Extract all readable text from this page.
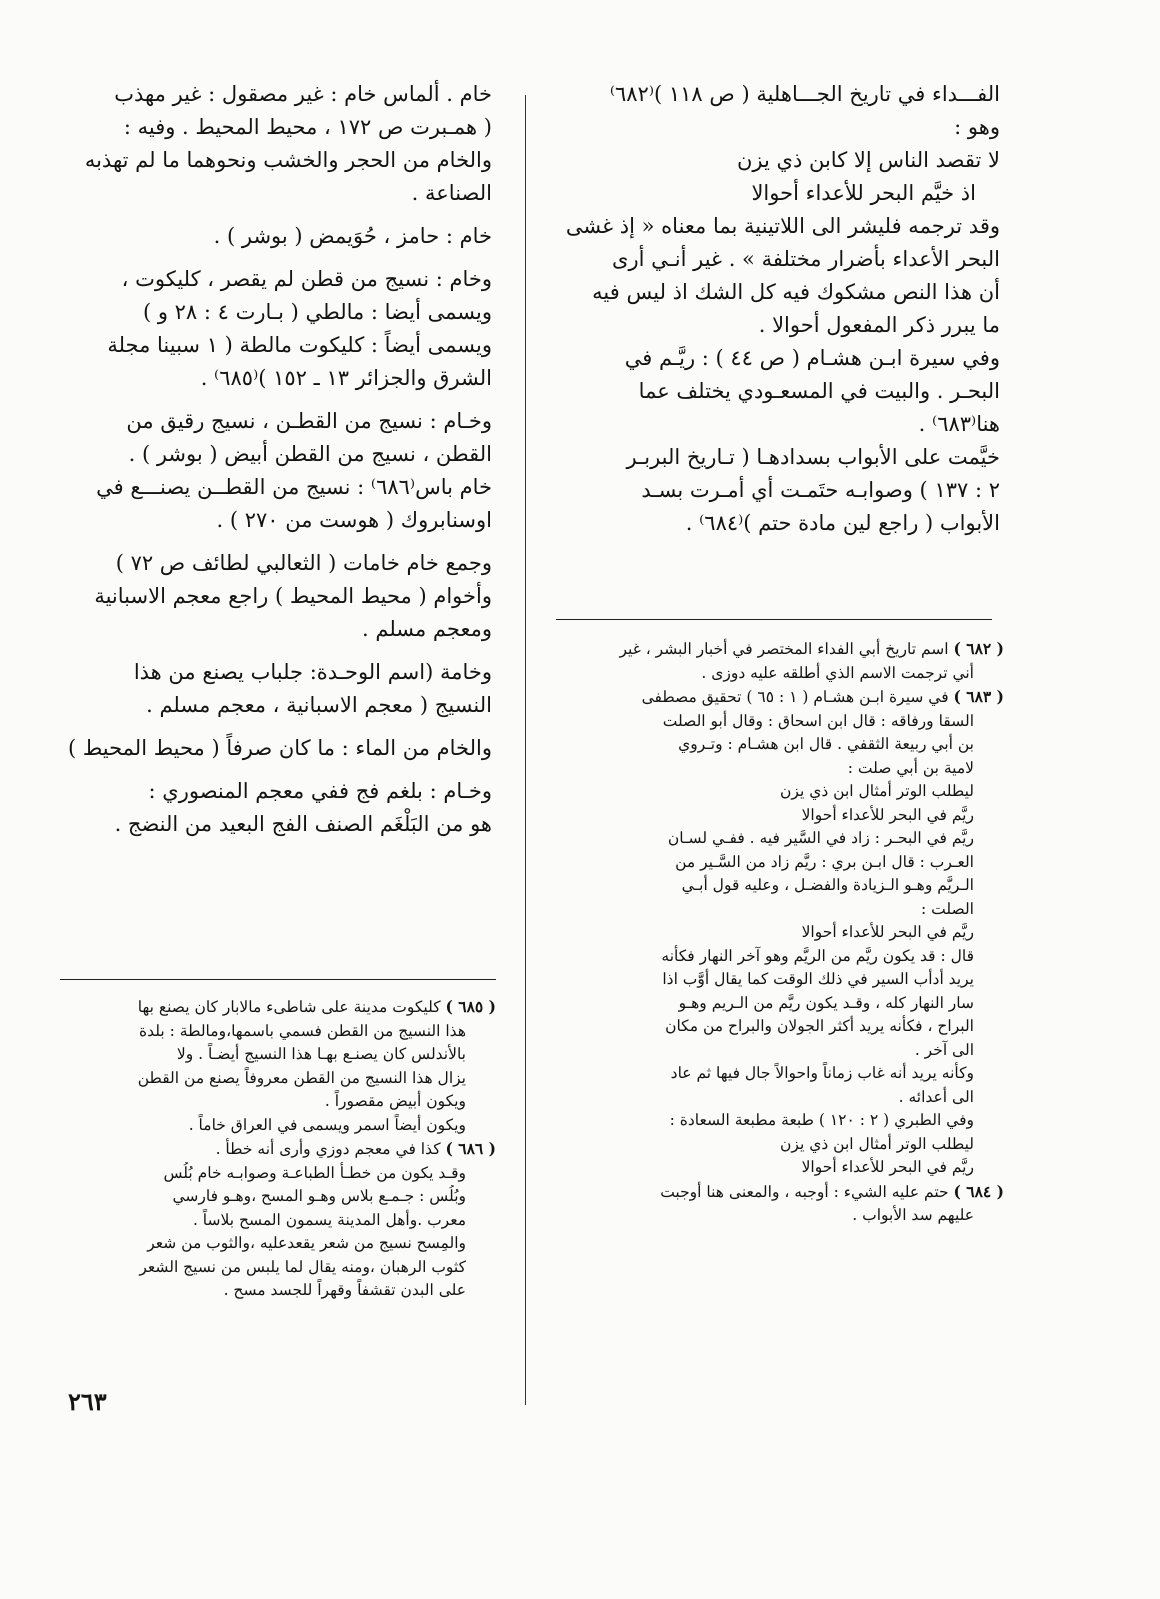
الفـــداء في تاريخ الجـــاهلية ( ص ١١٨ )⁽٦٨٢⁾
وهو :
لا تقصد الناس إلا كابن ذي يزن
اذ خيَّم البحر للأعداء أحوالا
وقد ترجمه فليشر الى اللاتينية بما معناه « إذ غشى
البحر الأعداء بأضرار مختلفة » . غير أنـي أرى
أن هذا النص مشكوك فيه كل الشك اذ ليس فيه
ما يبرر ذكر المفعول أحوالا .
وفي سيرة ابـن هشـام ( ص ٤٤ ) : ريَّـم في
البحـر . والبيت في المسعـودي يختلف عما
هنا⁽٦٨٣⁾ .
خيَّمت على الأبواب بسدادهـا ( تـاريخ البربـر
٢ : ١٣٧ ) وصوابـه حتَمـت أي أمـرت بسـد
الأبواب ( راجع لين مادة حتم )⁽٦٨٤⁾ .
خام . ألماس خام : غير مصقول : غير مهذب
( همـبرت ص ١٧٢ ، محيط المحيط . وفيه :
والخام من الحجر والخشب ونحوهما ما لم تهذبه
الصناعة .
خام : حامز ، حُوَيمض ( بوشر ) .
وخام : نسيج من قطن لم يقصر ، كليكوت ،
ويسمى أيضا : مالطي ( بـارت ٤ : ٢٨ و )
ويسمى أيضاً : كليكوت مالطة ( ١ سبينا مجلة
الشرق والجزائر ١٣ ـ ١٥٢ )⁽٦٨٥⁾ .
وخـام : نسيج من القطـن ، نسيج رقيق من
القطن ، نسيج من القطن أبيض ( بوشر ) .
خام باس⁽٦٨٦⁾ : نسيج من القطــن يصنـــع في
اوسنابروك ( هوست من ٢٧٠ ) .
وجمع خام خامات ( الثعالبي لطائف ص ٧٢ )
وأخوام ( محيط المحيط ) راجع معجم الاسبانية
ومعجم مسلم .
وخامة (اسم الوحـدة: جلباب يصنع من هذا
النسيج ( معجم الاسبانية ، معجم مسلم .
والخام من الماء : ما كان صرفاً ( محيط المحيط )
وخـام : بلغم فج ففي معجم المنصوري :
هو من البَلْغَم الصنف الفج البعيد من النضج .
( ٦٨٢ ) اسم تاريخ أبي الفداء المختصر في أخبار البشر ، غير
أني ترجمت الاسم الذي أطلقه عليه دوزى .
( ٦٨٣ ) في سيرة ابـن هشـام ( ١ : ٦٥ ) تحقيق مصطفى
السقا ورفاقه : قال ابن اسحاق : وقال أبو الصلت
بن أبي ربيعة الثقفي . قال ابن هشـام : وتـروي
لامية بن أبي صلت :
ليطلب الوتر أمثال ابن ذي يزن
ريَّم في البحر للأعداء أحوالا
ريَّم في البحـر : زاد في السَّير فيه . ففـي لسـان
العـرب : قال ابـن بري : ريَّم زاد من السَّـير من
الـريَّم وهـو الـزيادة والفضـل ، وعليه قول أبـي
الصلت :
ريَّم في البحر للأعداء أحوالا
قال : قد يكون ريَّم من الريَّم وهو آخر النهار فكأنه
يريد أدأب السير في ذلك الوقت كما يقال أوَّب اذا
سار النهار كله ، وقـد يكون ريَّم من الـريم وهـو
البراح ، فكأنه يريد أكثر الجولان والبراح من مكان
الى آخر .
وكأنه يريد أنه غاب زماناً واحوالاً جال فيها ثم عاد
الى أعدائه .
وفي الطبري ( ٢ : ١٢٠ ) طبعة مطبعة السعادة :
ليطلب الوتر أمثال ابن ذي يزن
ريَّم في البحر للأعداء أحوالا
( ٦٨٤ ) حتم عليه الشيء : أوجبه ، والمعنى هنا أوجبت
عليهم سد الأبواب .
( ٦٨٥ ) كليكوت مدينة على شاطىء مالابار كان يصنع بها
هذا النسيج من القطن فسمي باسمها،ومالطة : بلدة
بالأندلس كان يصنـع بهـا هذا النسيج أيضـاً . ولا
يزال هذا النسيج من القطن معروفاً يصنع من القطن
ويكون أبيض مقصوراً .
ويكون أيضاً اسمر ويسمى في العراق خاماً .
( ٦٨٦ ) كذا في معجم دوزي وأرى أنه خطأ .
وقـد يكون من خطـأ الطباعـة وصوابـه خام بُلُس
وبُلُس : جـمـع بلاس وهـو المسح ،وهـو فارسي
معرب .وأهل المدينة يسمون المسح بلاساً .
والمِسح نسيج من شعر يقعدعليه ،والثوب من شعر
كثوب الرهبان ،ومنه يقال لما يلبس من نسيج الشعر
على البدن تقشفاً وقهراً للجسد مسح .
٢٦٣
